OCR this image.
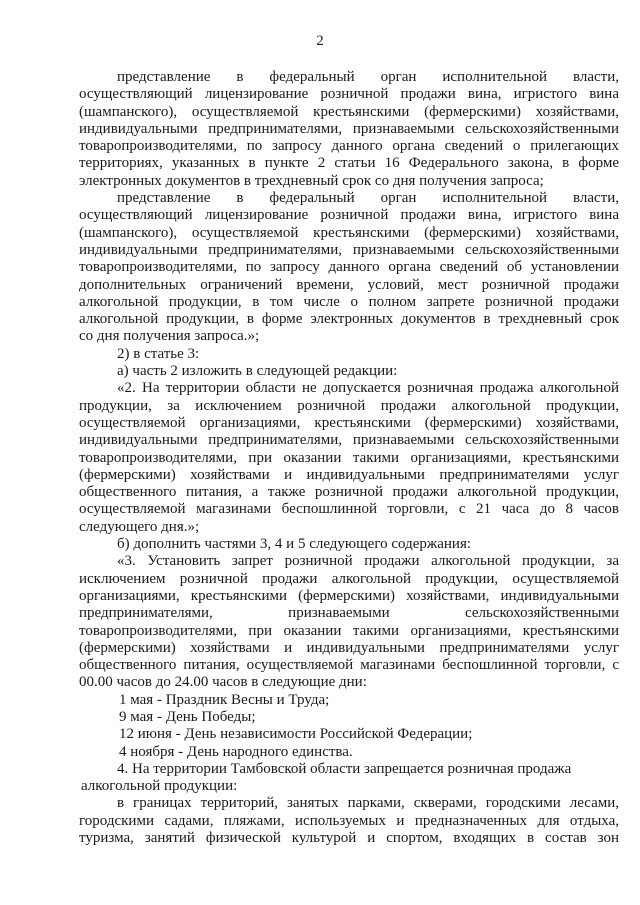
2
представление в федеральный орган исполнительной власти,
осуществляющий лицензирование розничной продажи вина, игристого вина
(шампанского), осуществляемой крестьянскими (фермерскими) хозяйствами,
индивидуальными предпринимателями, признаваемыми сельскохозяйственными
товаропроизводителями, по запросу данного органа сведений о прилегающих
территориях, указанных в пункте 2 статьи 16 Федерального закона, в форме
электронных документов в трехдневный срок со дня получения запроса;
представление в федеральный орган исполнительной власти,
осуществляющий лицензирование розничной продажи вина, игристого вина
(шампанского), осуществляемой крестьянскими (фермерскими) хозяйствами,
индивидуальными предпринимателями, признаваемыми сельскохозяйственными
товаропроизводителями, по запросу данного органа сведений об установлении
дополнительных ограничений времени, условий, мест розничной продажи
алкогольной продукции, в том числе о полном запрете розничной продажи
алкогольной продукции, в форме электронных документов в трехдневный срок
со дня получения запроса.»;
2) в статье 3:
а) часть 2 изложить в следующей редакции:
«2. На территории области не допускается розничная продажа алкогольной
продукции, за исключением розничной продажи алкогольной продукции,
осуществляемой организациями, крестьянскими (фермерскими) хозяйствами,
индивидуальными предпринимателями, признаваемыми сельскохозяйственными
товаропроизводителями, при оказании такими организациями, крестьянскими
(фермерскими) хозяйствами и индивидуальными предпринимателями услуг
общественного питания, а также розничной продажи алкогольной продукции,
осуществляемой магазинами беспошлинной торговли, с 21 часа до 8 часов
следующего дня.»;
б) дополнить частями 3, 4 и 5 следующего содержания:
«3. Установить запрет розничной продажи алкогольной продукции, за
исключением розничной продажи алкогольной продукции, осуществляемой
организациями, крестьянскими (фермерскими) хозяйствами, индивидуальными
предпринимателями, признаваемыми сельскохозяйственными
товаропроизводителями, при оказании такими организациями, крестьянскими
(фермерскими) хозяйствами и индивидуальными предпринимателями услуг
общественного питания, осуществляемой магазинами беспошлинной торговли, с
00.00 часов до 24.00 часов в следующие дни:
1 мая - Праздник Весны и Труда;
9 мая - День Победы;
12 июня - День независимости Российской Федерации;
4 ноября - День народного единства.
4. На территории Тамбовской области запрещается розничная продажа
алкогольной продукции:
в границах территорий, занятых парками, скверами, городскими лесами,
городскими садами, пляжами, используемых и предназначенных для отдыха,
туризма, занятий физической культурой и спортом, входящих в состав зон
